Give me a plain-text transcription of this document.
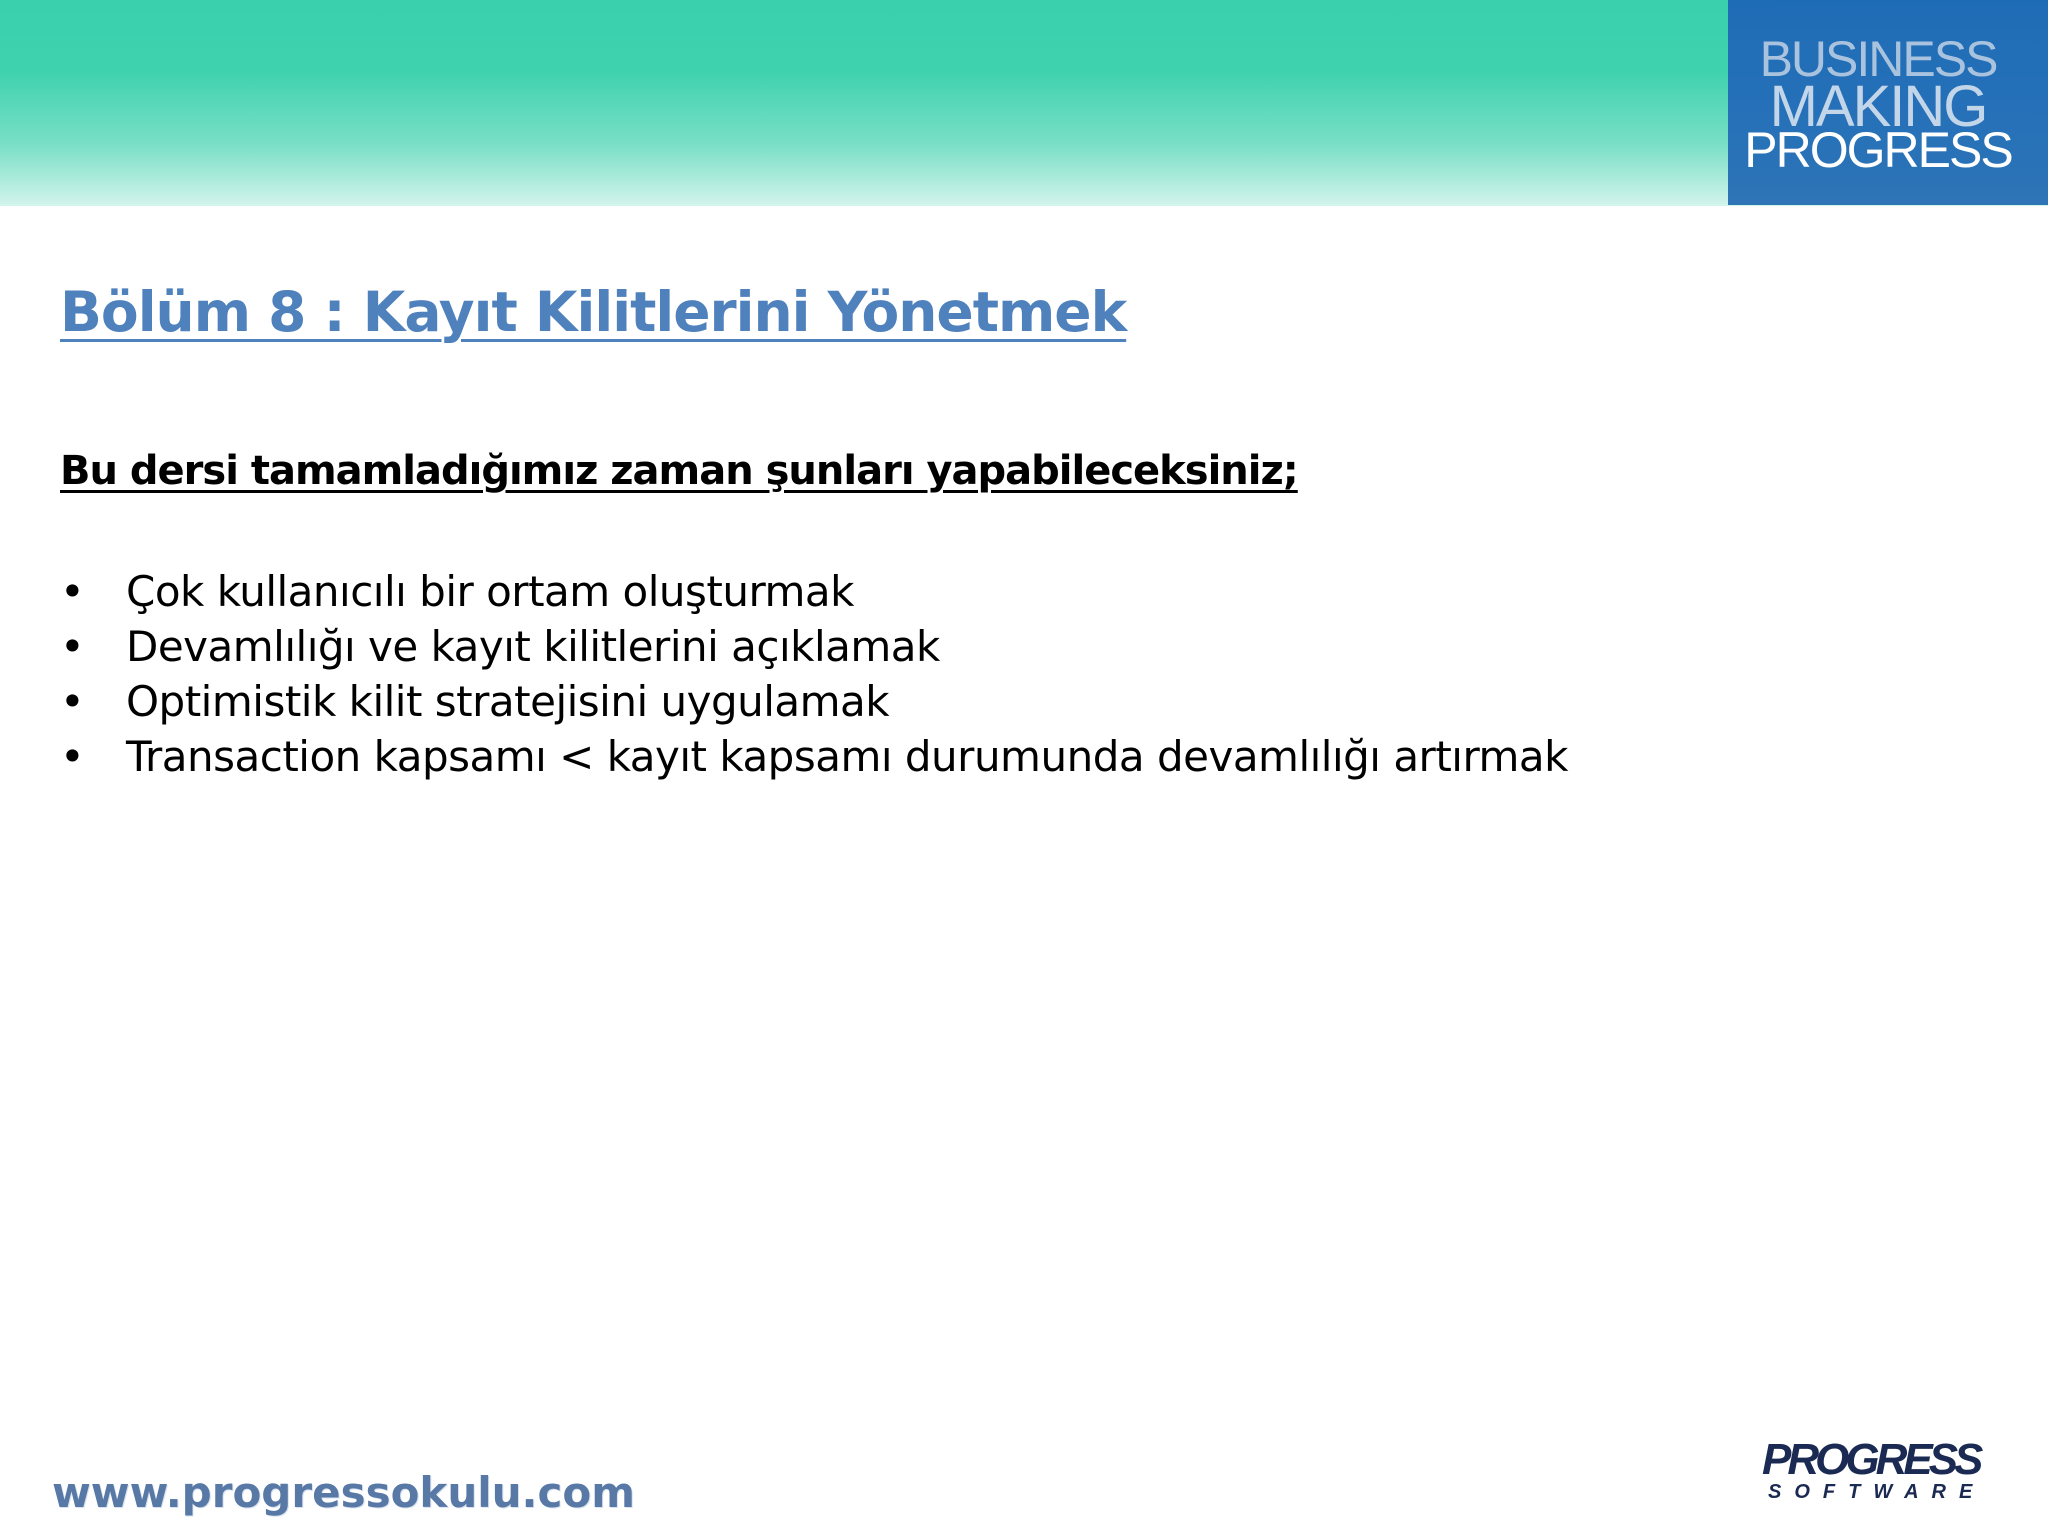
BUSINESS
MAKING
PROGRESS
Bölüm 8 : Kayıt Kilitlerini Yönetmek
Bu dersi tamamladığımız zaman şunları yapabileceksiniz;
• Çok kullanıcılı bir ortam oluşturmak
• Devamlılığı ve kayıt kilitlerini açıklamak
• Optimistik kilit stratejisini uygulamak
• Transaction kapsamı < kayıt kapsamı durumunda devamlılığı artırmak
www.progressokulu.com
PROGRESS
SOFTWARE
